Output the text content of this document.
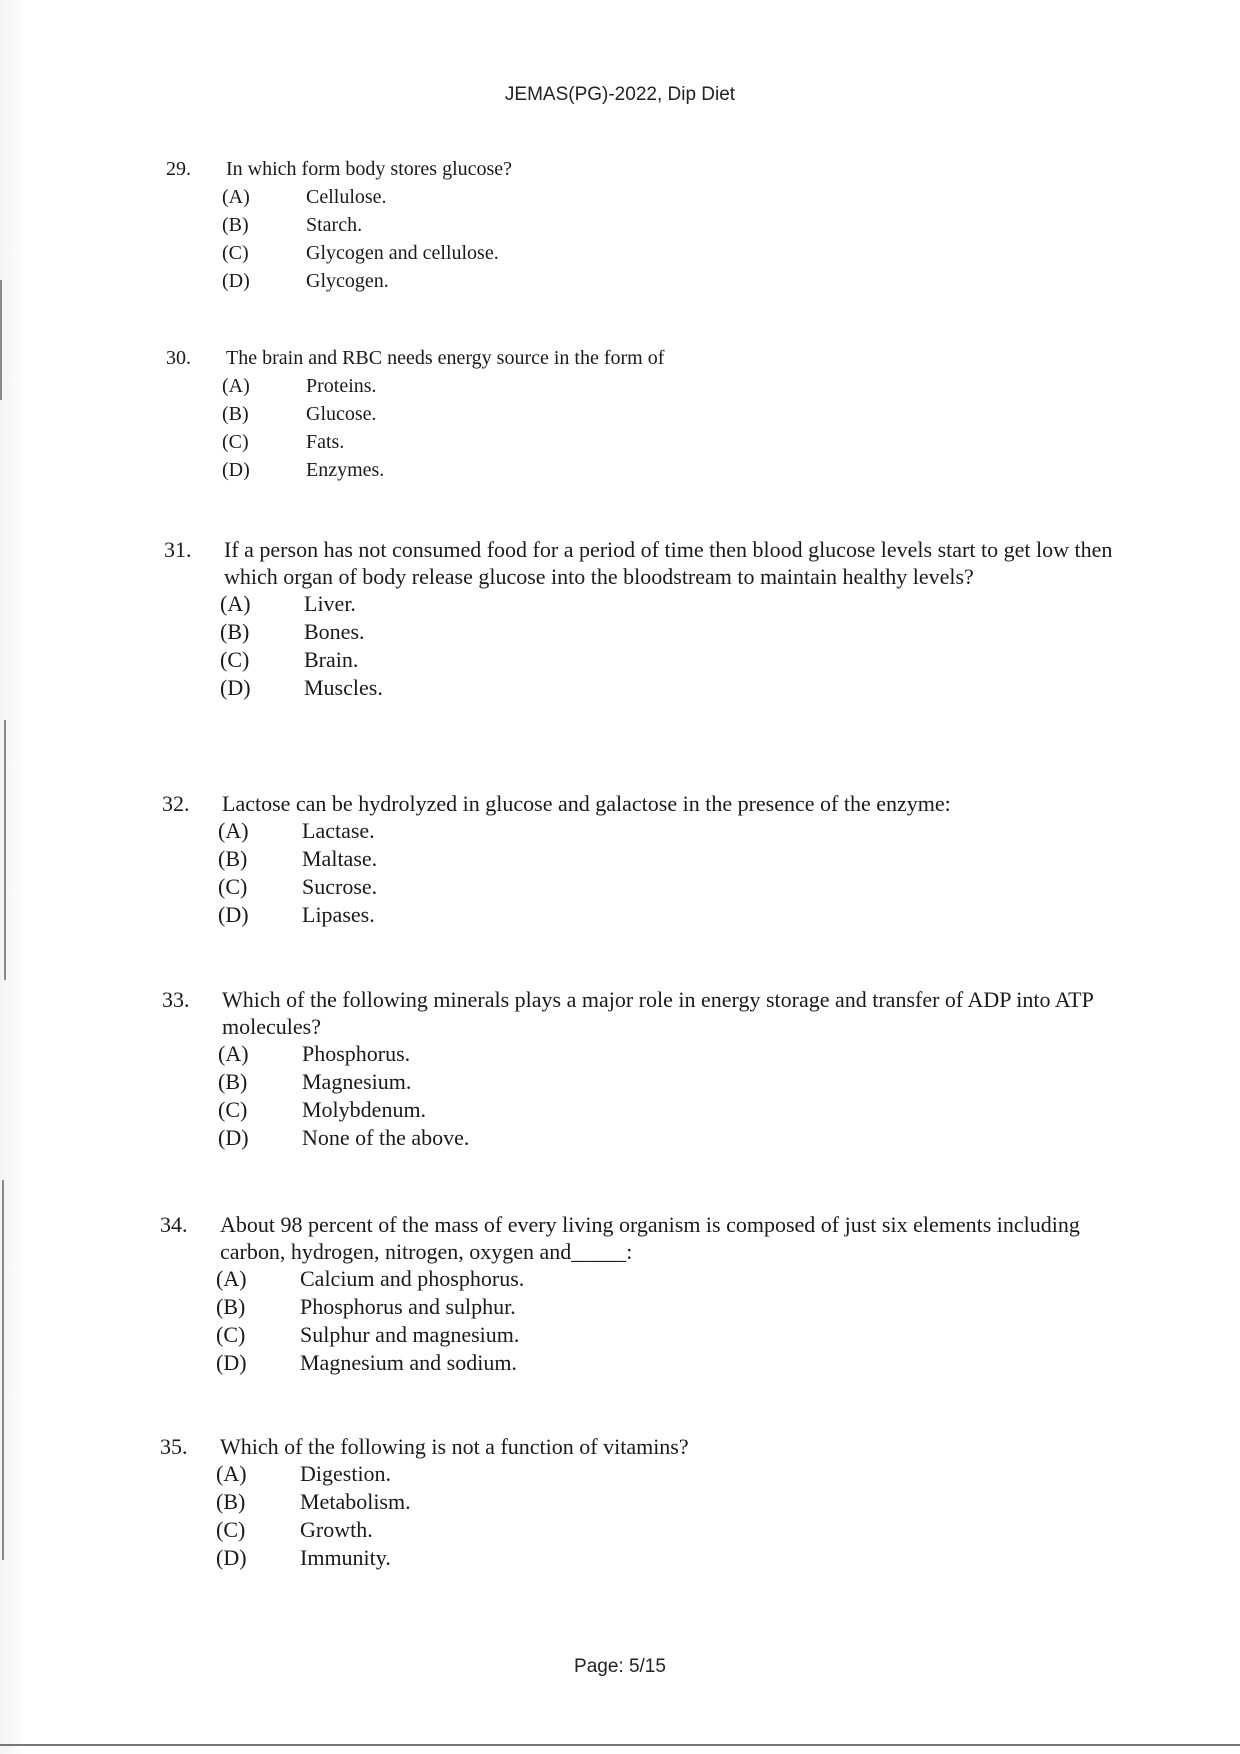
JEMAS(PG)-2022, Dip Diet
29. In which form body stores glucose?
(A)	Cellulose.
(B)	Starch.
(C)	Glycogen and cellulose.
(D)	Glycogen.
30. The brain and RBC needs energy source in the form of
(A)	Proteins.
(B)	Glucose.
(C)	Fats.
(D)	Enzymes.
31. If a person has not consumed food for a period of time then blood glucose levels start to get low then which organ of body release glucose into the bloodstream to maintain healthy levels?
(A) Liver.
(B) Bones.
(C) Brain.
(D) Muscles.
32. Lactose can be hydrolyzed in glucose and galactose in the presence of the enzyme:
(A) Lactase.
(B) Maltase.
(C) Sucrose.
(D) Lipases.
33. Which of the following minerals plays a major role in energy storage and transfer of ADP into ATP molecules?
(A) Phosphorus.
(B) Magnesium.
(C) Molybdenum.
(D) None of the above.
34. About 98 percent of the mass of every living organism is composed of just six elements including carbon, hydrogen, nitrogen, oxygen and_____:
(A) Calcium and phosphorus.
(B) Phosphorus and sulphur.
(C) Sulphur and magnesium.
(D) Magnesium and sodium.
35. Which of the following is not a function of vitamins?
(A) Digestion.
(B) Metabolism.
(C) Growth.
(D) Immunity.
Page: 5/15
